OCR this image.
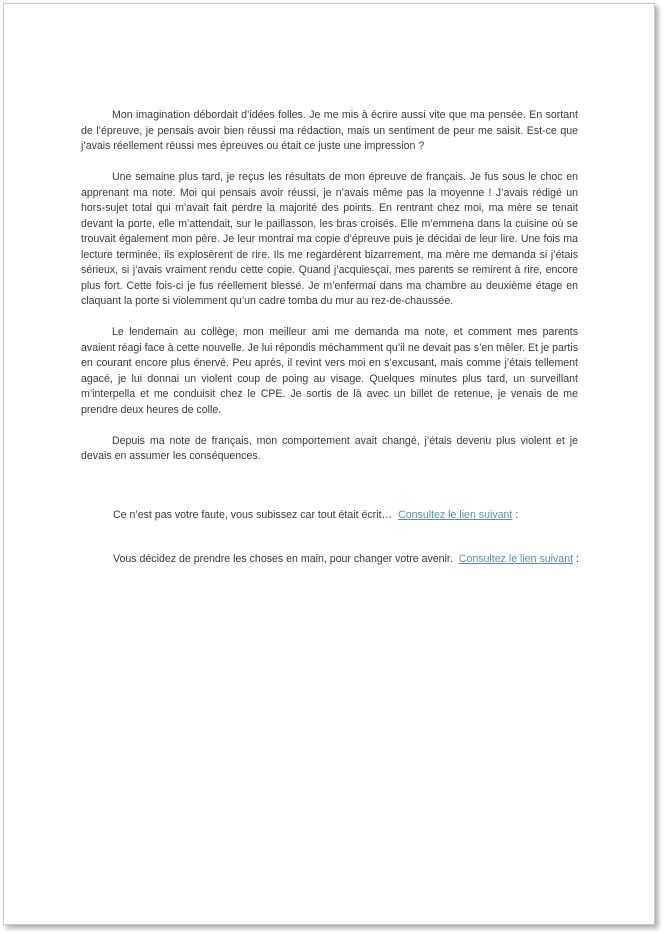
Mon imagination débordait d’idées folles. Je me mis à écrire aussi vite que ma pensée. En sortant de l’épreuve, je pensais avoir bien réussi ma rédaction, mais un sentiment de peur me saisit. Est-ce que j’avais réellement réussi mes épreuves ou était ce juste une impression ?

Une semaine plus tard, je reçus les résultats de mon épreuve de français. Je fus sous le choc en apprenant ma note. Moi qui pensais avoir réussi, je n’avais même pas la moyenne ! J’avais rédigé un hors-sujet total qui m’avait fait perdre la majorité des points. En rentrant chez moi, ma mère se tenait devant la porte, elle m’attendait, sur le paillasson, les bras croisés. Elle m’emmena dans la cuisine où se trouvait également mon père. Je leur montrai ma copie d’épreuve puis je décidai de leur lire. Une fois ma lecture terminée, ils explosèrent de rire. Ils me regardèrent bizarrement, ma mère me demanda si j’étais sérieux, si j’avais vraiment rendu cette copie. Quand j’acquiesçai, mes parents se remirent à rire, encore plus fort. Cette fois-ci je fus réellement blessé. Je m’enfermai dans ma chambre au deuxième étage en claquant la porte si violemment qu’un cadre tomba du mur au rez-de-chaussée.

Le lendemain au collège, mon meilleur ami me demanda ma note, et comment mes parents avaient réagi face à cette nouvelle. Je lui répondis méchamment qu’il ne devait pas s’en mêler. Et je partis en courant encore plus énervé. Peu après, il revint vers moi en s’excusant, mais comme j’étais tellement agacé, je lui donnai un violent coup de poing au visage. Quelques minutes plus tard, un surveillant m’interpella et me conduisit chez le CPE. Je sortis de là avec un billet de retenue, je venais de me prendre deux heures de colle.

Depuis ma note de français, mon comportement avait changé, j’étais devenu plus violent et je devais en assumer les conséquences.

Ce n’est pas votre faute, vous subissez car tout était écrit… Consultez le lien suivant :
Vous décidez de prendre les choses en main, pour changer votre avenir. Consultez le lien suivant :
